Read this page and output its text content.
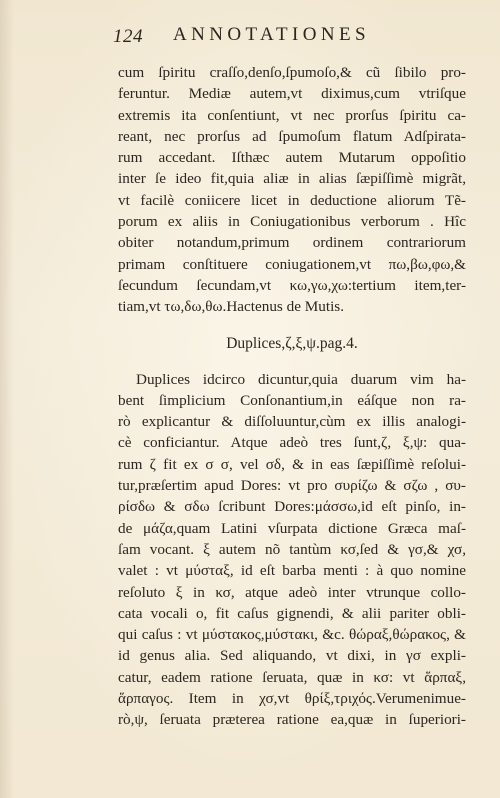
124 ANNOTATIONES
cum ſpiritu craſſo,denſo,ſpumoſo,& cũ ſibilo pro-
feruntur. Mediæ autem,vt diximus,cum vtriſque
extremis ita conſentiunt, vt nec prorſus ſpiritu ca-
reant, nec prorſus ad ſpumoſum flatum Adſpirata-
rum accedant. Iſthæc autem Mutarum oppoſitio
inter ſe ideo fit,quia aliæ in alias ſæpiſſimè migrãt,
vt facilè coniicere licet in deductione aliorum Tẽ-
porum ex aliis in Coniugationibus verborum . Hîc
obiter notandum,primum ordinem contrariorum
primam conſtituere coniugationem,vt πω,βω,φω,&
ſecundum ſecundam,vt κω,γω,χω:tertium item,ter-
tiam,vt τω,δω,θω.Hactenus de Mutis.
Duplices,ζ,ξ,ψ.pag.4.
Duplices idcirco dicuntur,quia duarum vim ha-
bent ſimplicium Conſonantium,in eáſque non ra-
rò explicantur & diſſoluuntur,cùm ex illis analogi-
cè conficiantur. Atque adeò tres ſunt,ζ, ξ,ψ: qua-
rum ζ fit ex σ σ, vel σδ, & in eas ſæpiſſimè reſolui-
tur,præſertim apud Dores: vt pro συρίζω & σζω , συ-
ρίσδω & σδω ſcribunt Dores:μάσσω,id eſt pinſo, in-
de μάζα,quam Latini vſurpata dictione Græca maſ-
ſam vocant. ξ autem nõ tantùm κσ,ſed & γσ,& χσ,
valet : vt μύσταξ, id eſt barba menti : à quo nomine
reſoluto ξ in κσ, atque adeò inter vtrunque collo-
cata vocali ο, fit caſus gignendi, & alii pariter obli-
qui caſus : vt μύστακος,μύστακι, &c. θώραξ,θώρακος, &
id genus alia. Sed aliquando, vt dixi, in γσ expli-
catur, eadem ratione ſeruata, quæ in κσ: vt ἅρπαξ,
ἅρπαγος. Item in χσ,vt θρίξ,τριχός.Verumenimue-
rò,ψ, ſeruata præterea ratione ea,quæ in ſuperiori-
